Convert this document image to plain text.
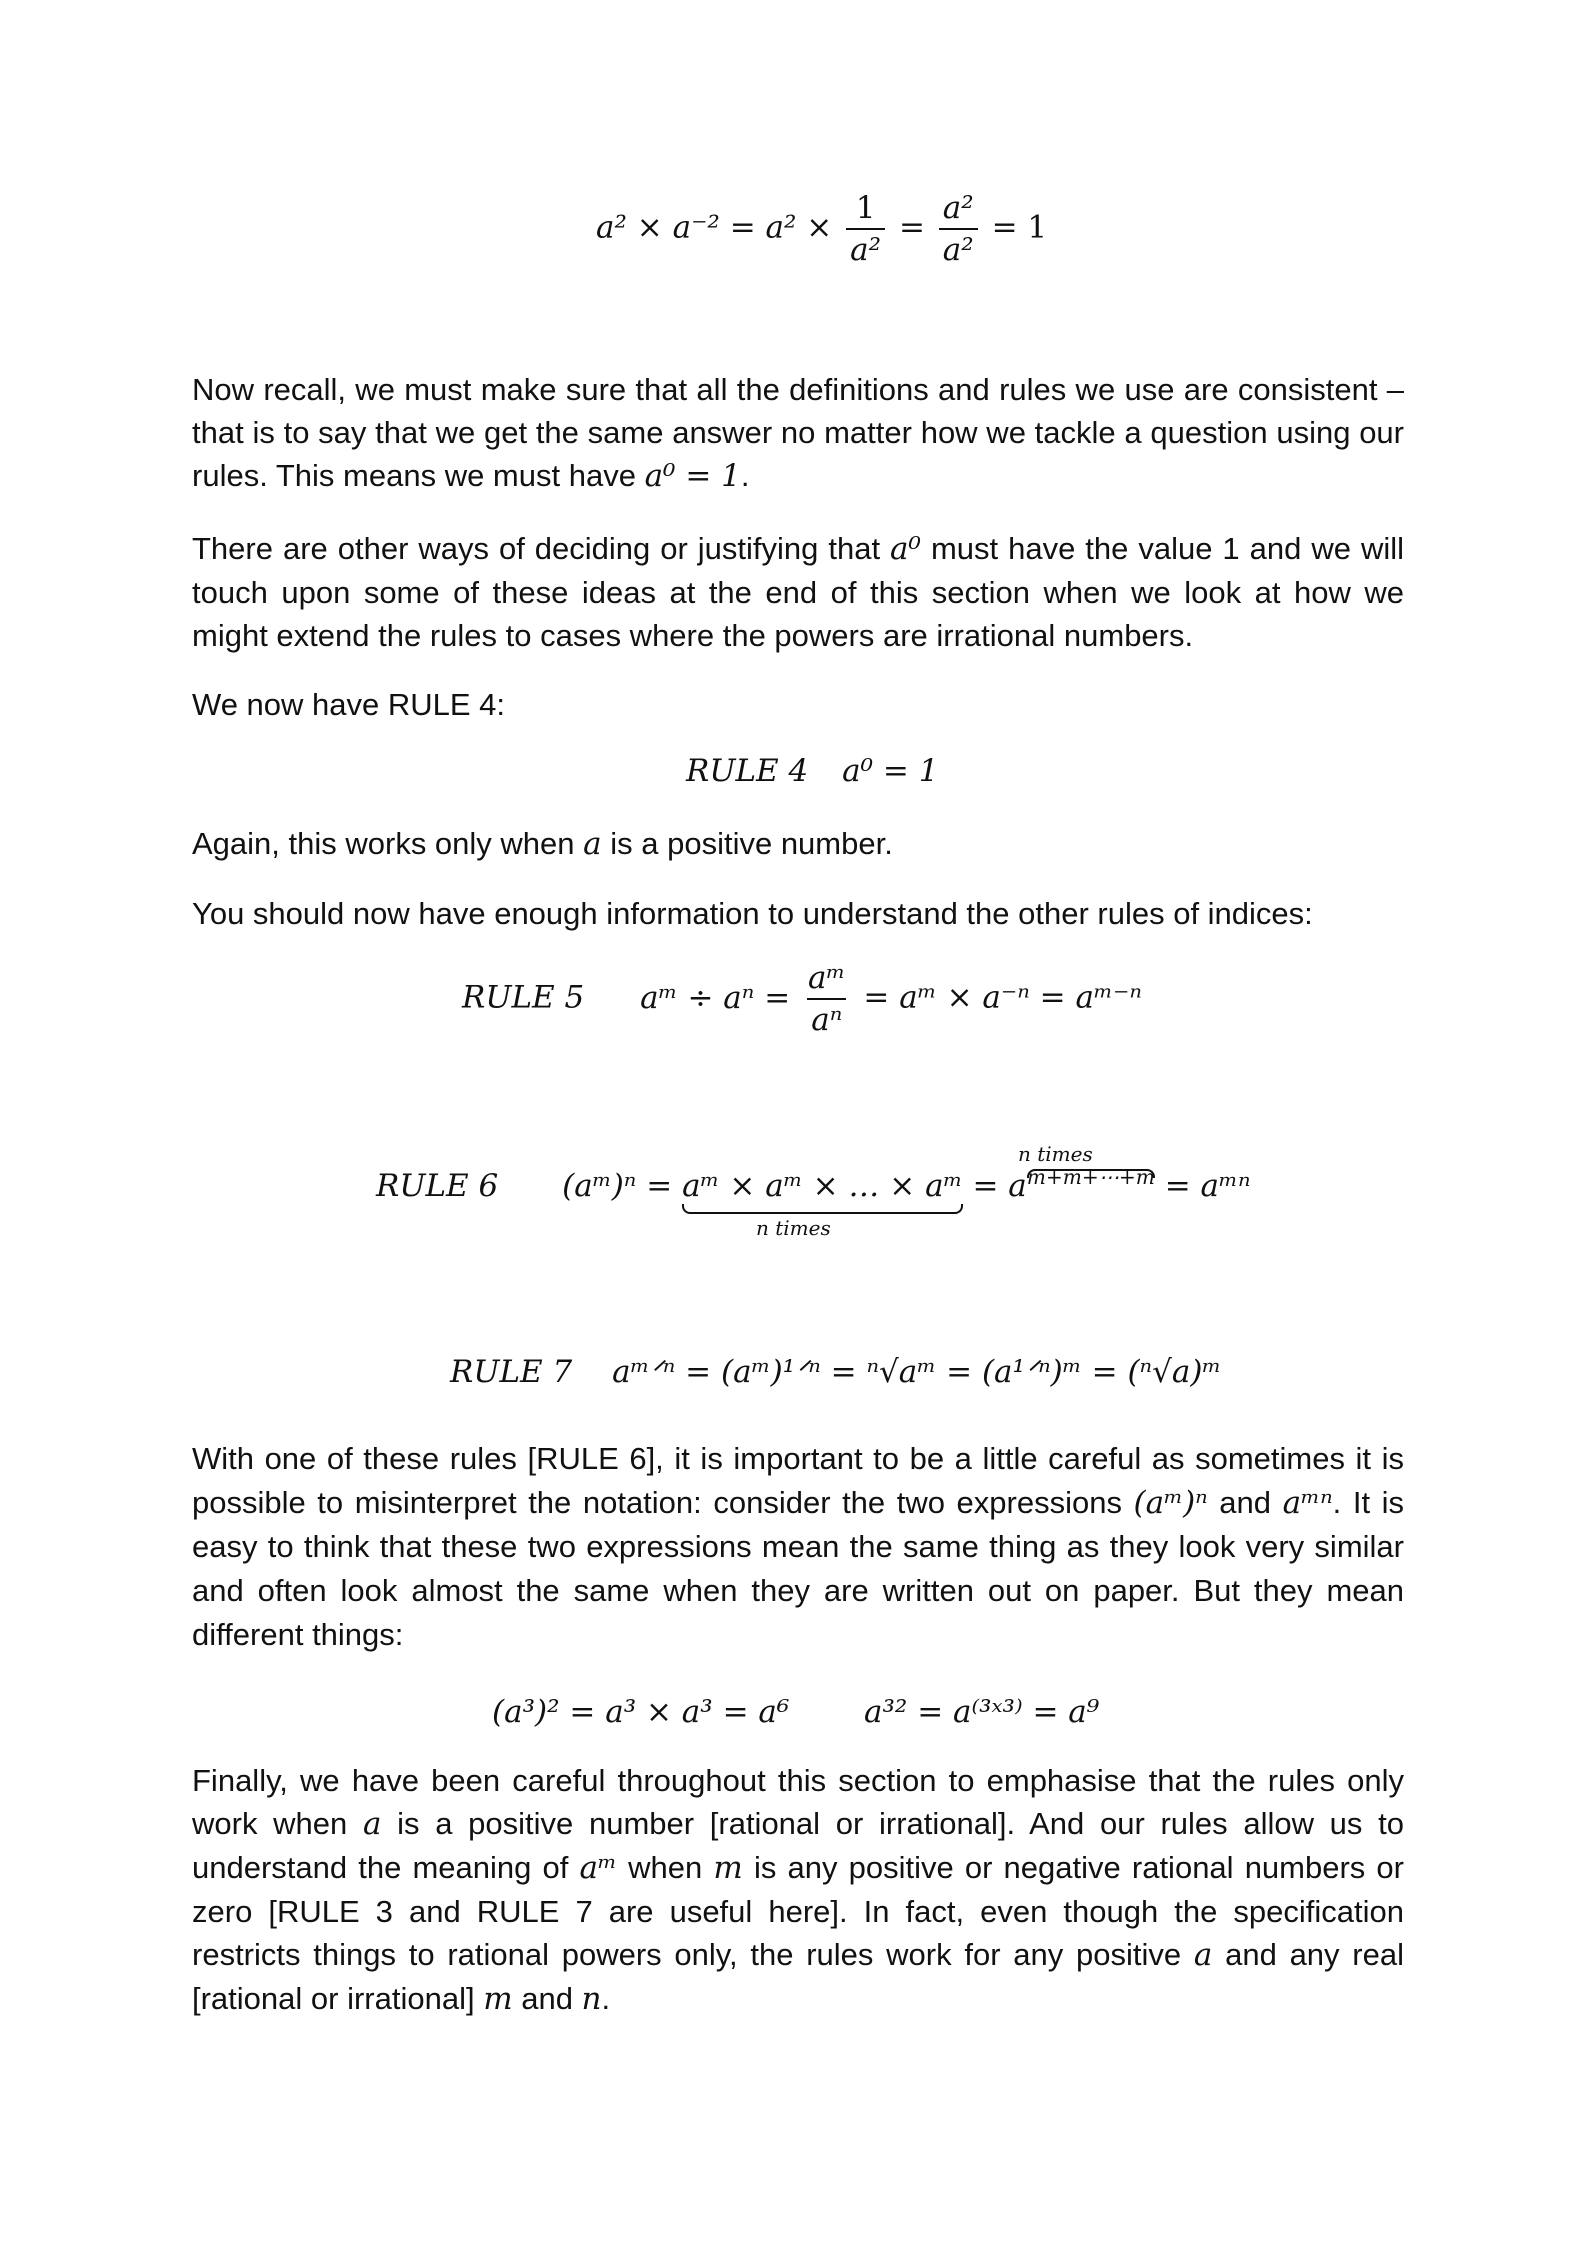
$a^2 \times a^{-2} = a^2 \times \frac{1}{\text{a²}} = \frac{\text{a²}}{\text{a²}} = 1$

Now recall, we must make sure that all the definitions and rules we use are consistent – that is to say that we get the same answer no matter how we tackle a question using our rules. This means we must have a⁰ = 1.

There are other ways of deciding or justifying that a⁰ must have the value 1 and we will touch upon some of these ideas at the end of this section when we look at how we might extend the rules to cases where the powers are irrational numbers.

We now have RULE 4:

RULE 4 a⁰ = 1

Again, this works only when a is a positive number.

You should now have enough information to understand the other rules of indices:

RULE 5 aᵐ ÷ $a^n = \frac{\text{aᵐ}}{\text{aⁿ}}$ = aᵐ × a⁻ⁿ = aᵐ⁻ⁿ
RULE 6 (aᵐ)ⁿ = aᵐ × aᵐ × … × aᵐ = $a^{m+m+\cdots+m}$ = aᵐⁿ
n times
n times
RULE 7 aᵐᐟⁿ = (aᵐ)¹ᐟⁿ = ⁿ√aᵐ = (a¹ᐟⁿ)ᵐ = (ⁿ√a)ᵐ

With one of these rules [RULE 6], it is important to be a little careful as sometimes it is possible to misinterpret the notation: consider the two expressions (aᵐ)ⁿ and aᵐⁿ. It is easy to think that these two expressions mean the same thing as they look very similar and often look almost the same when they are written out on paper. But they mean different things:

(a³)² = a³ × a³ = a⁶ a³² = a⁽³ˣ³⁾ = a⁹

Finally, we have been careful throughout this section to emphasise that the rules only work when a is a positive number [rational or irrational]. And our rules allow us to understand the meaning of aᵐ when m is any positive or negative rational numbers or zero [RULE 3 and RULE 7 are useful here]. In fact, even though the specification restricts things to rational powers only, the rules work for any positive a and any real [rational or irrational] m and n.
